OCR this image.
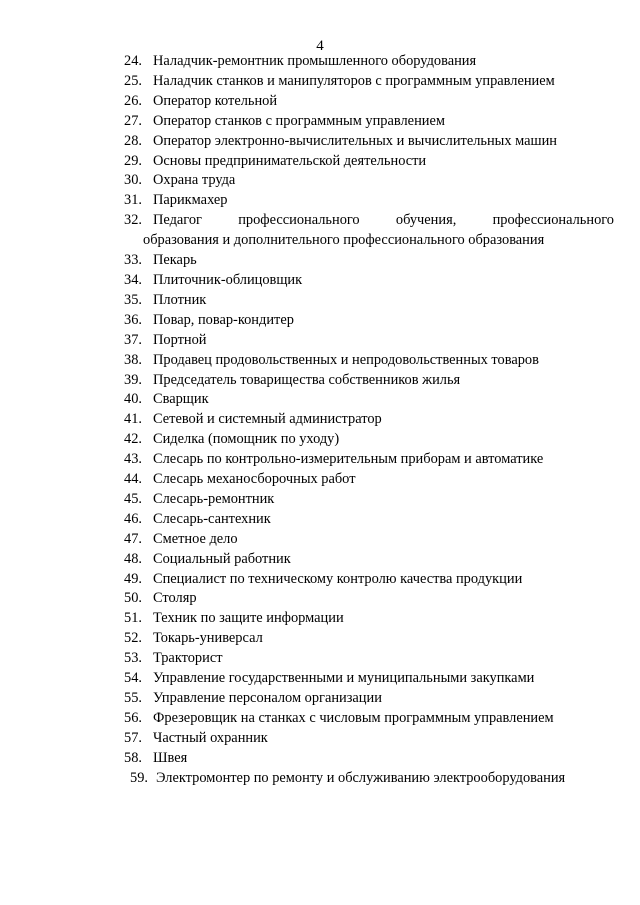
4
24. Наладчик-ремонтник промышленного оборудования
25. Наладчик станков и манипуляторов с программным управлением
26. Оператор котельной
27. Оператор станков с программным управлением
28. Оператор электронно-вычислительных и вычислительных машин
29. Основы предпринимательской деятельности
30. Охрана труда
31. Парикмахер
32. Педагог профессионального обучения, профессионального
образования и дополнительного профессионального образования
33. Пекарь
34. Плиточник-облицовщик
35. Плотник
36. Повар, повар-кондитер
37. Портной
38. Продавец продовольственных и непродовольственных товаров
39. Председатель товарищества собственников жилья
40. Сварщик
41. Сетевой и системный администратор
42. Сиделка (помощник по уходу)
43. Слесарь по контрольно-измерительным приборам и автоматике
44. Слесарь механосборочных работ
45. Слесарь-ремонтник
46. Слесарь-сантехник
47. Сметное дело
48. Социальный работник
49. Специалист по техническому контролю качества продукции
50. Столяр
51. Техник по защите информации
52. Токарь-универсал
53. Тракторист
54. Управление государственными и муниципальными закупками
55. Управление персоналом организации
56. Фрезеровщик на станках с числовым программным управлением
57. Частный охранник
58. Швея
59. Электромонтер по ремонту и обслуживанию электрооборудования
